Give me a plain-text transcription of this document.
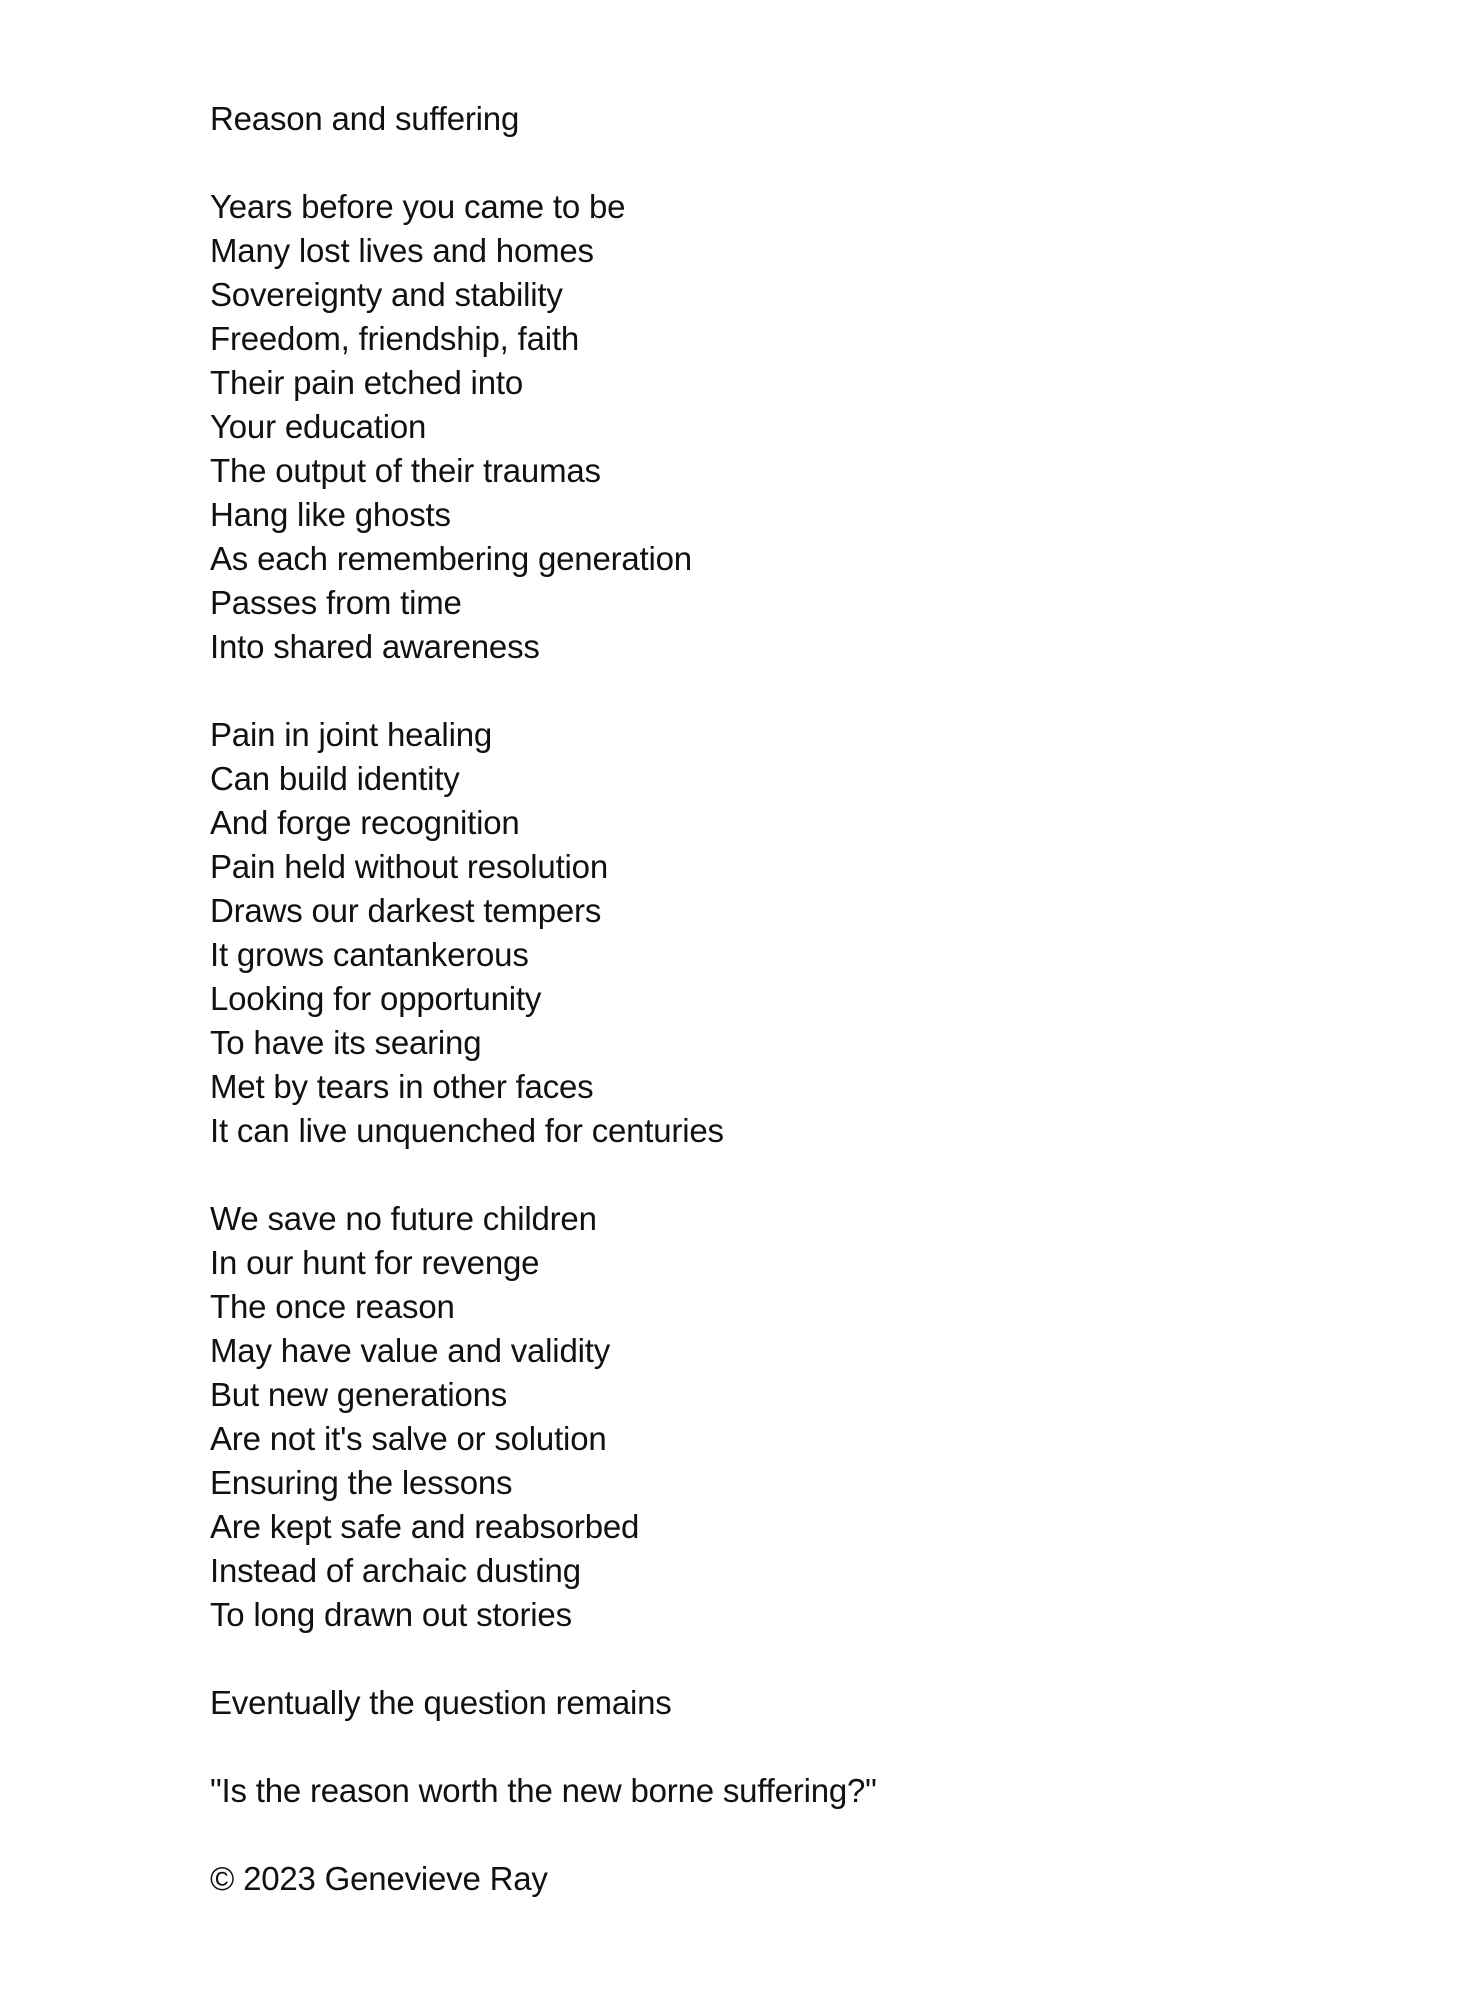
Reason and suffering
Years before you came to be
Many lost lives and homes
Sovereignty and stability
Freedom, friendship, faith
Their pain etched into
Your education
The output of their traumas
Hang like ghosts
As each remembering generation
Passes from time
Into shared awareness
Pain in joint healing
Can build identity
And forge recognition
Pain held without resolution
Draws our darkest tempers
It grows cantankerous
Looking for opportunity
To have its searing
Met by tears in other faces
It can live unquenched for centuries
We save no future children
In our hunt for revenge
The once reason
May have value and validity
But new generations
Are not it's salve or solution
Ensuring the lessons
Are kept safe and reabsorbed
Instead of archaic dusting
To long drawn out stories
Eventually the question remains
"Is the reason worth the new borne suffering?"
© 2023 Genevieve Ray
